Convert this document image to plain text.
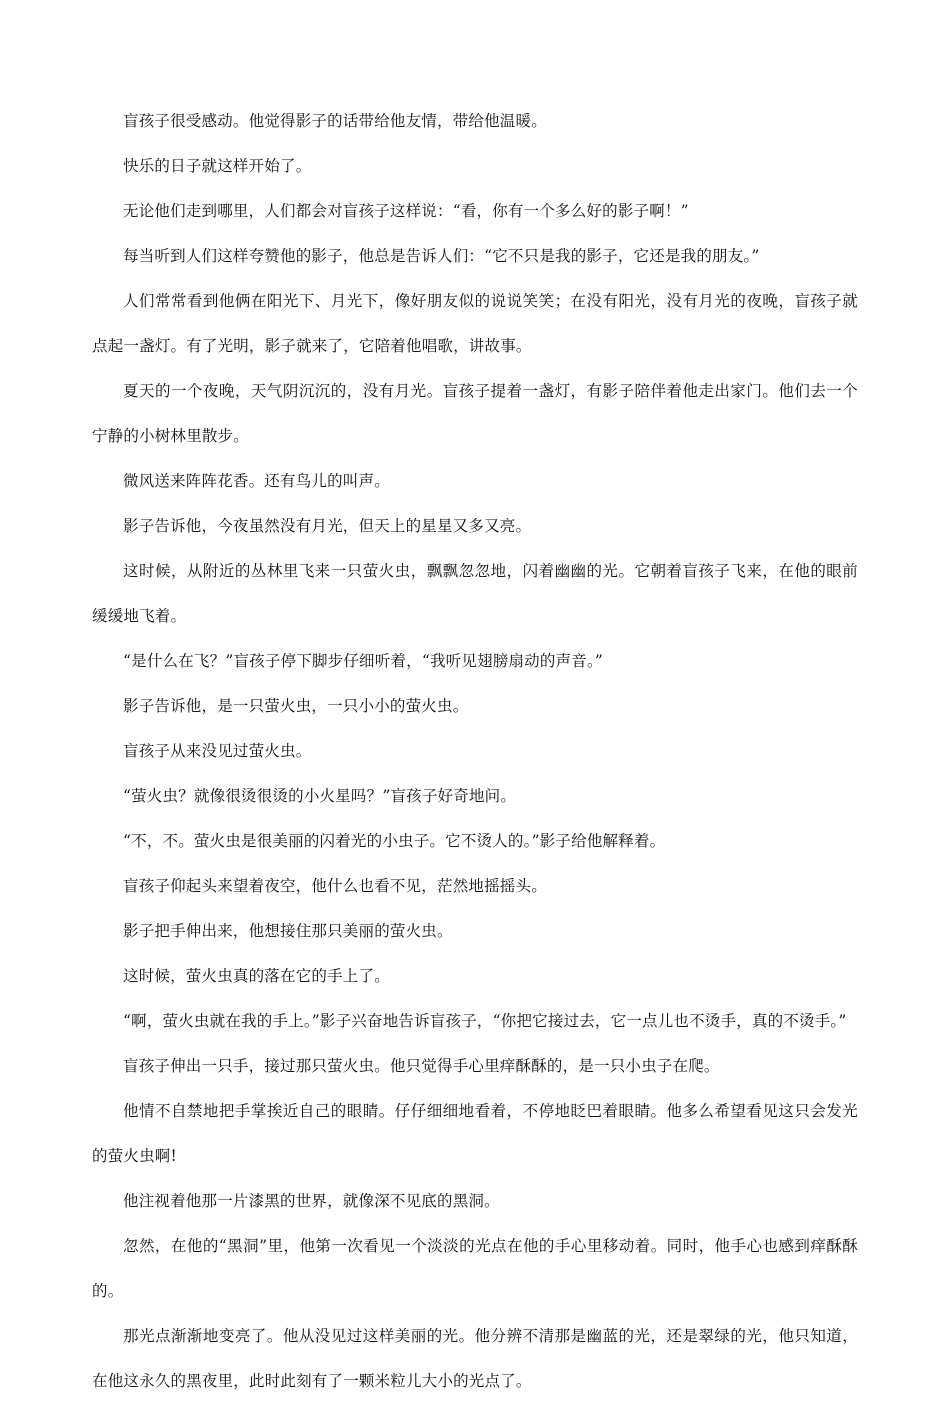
盲孩子很受感动。他觉得影子的话带给他友情，带给他温暖。

快乐的日子就这样开始了。

无论他们走到哪里，人们都会对盲孩子这样说：“看，你有一个多么好的影子啊！”

每当听到人们这样夸赞他的影子，他总是告诉人们：“它不只是我的影子，它还是我的朋友。”

人们常常看到他俩在阳光下、月光下，像好朋友似的说说笑笑；在没有阳光，没有月光的夜晚，盲孩子就点起一盏灯。有了光明，影子就来了，它陪着他唱歌，讲故事。

夏天的一个夜晚，天气阴沉沉的，没有月光。盲孩子提着一盏灯，有影子陪伴着他走出家门。他们去一个宁静的小树林里散步。

微风送来阵阵花香。还有鸟儿的叫声。

影子告诉他，今夜虽然没有月光，但天上的星星又多又亮。

这时候，从附近的丛林里飞来一只萤火虫，飘飘忽忽地，闪着幽幽的光。它朝着盲孩子飞来，在他的眼前缓缓地飞着。

“是什么在飞？”盲孩子停下脚步仔细听着，“我听见翅膀扇动的声音。”

影子告诉他，是一只萤火虫，一只小小的萤火虫。

盲孩子从来没见过萤火虫。

“萤火虫？就像很烫很烫的小火星吗？”盲孩子好奇地问。

“不，不。萤火虫是很美丽的闪着光的小虫子。它不烫人的。”影子给他解释着。

盲孩子仰起头来望着夜空，他什么也看不见，茫然地摇摇头。

影子把手伸出来，他想接住那只美丽的萤火虫。

这时候，萤火虫真的落在它的手上了。

“啊，萤火虫就在我的手上。”影子兴奋地告诉盲孩子，“你把它接过去，它一点儿也不烫手，真的不烫手。”

盲孩子伸出一只手，接过那只萤火虫。他只觉得手心里痒酥酥的，是一只小虫子在爬。

他情不自禁地把手掌挨近自己的眼睛。仔仔细细地看着，不停地眨巴着眼睛。他多么希望看见这只会发光的萤火虫啊!

他注视着他那一片漆黑的世界，就像深不见底的黑洞。

忽然，在他的“黑洞”里，他第一次看见一个淡淡的光点在他的手心里移动着。同时，他手心也感到痒酥酥的。

那光点渐渐地变亮了。他从没见过这样美丽的光。他分辨不清那是幽蓝的光，还是翠绿的光，他只知道，在他这永久的黑夜里，此时此刻有了一颗米粒儿大小的光点了。
